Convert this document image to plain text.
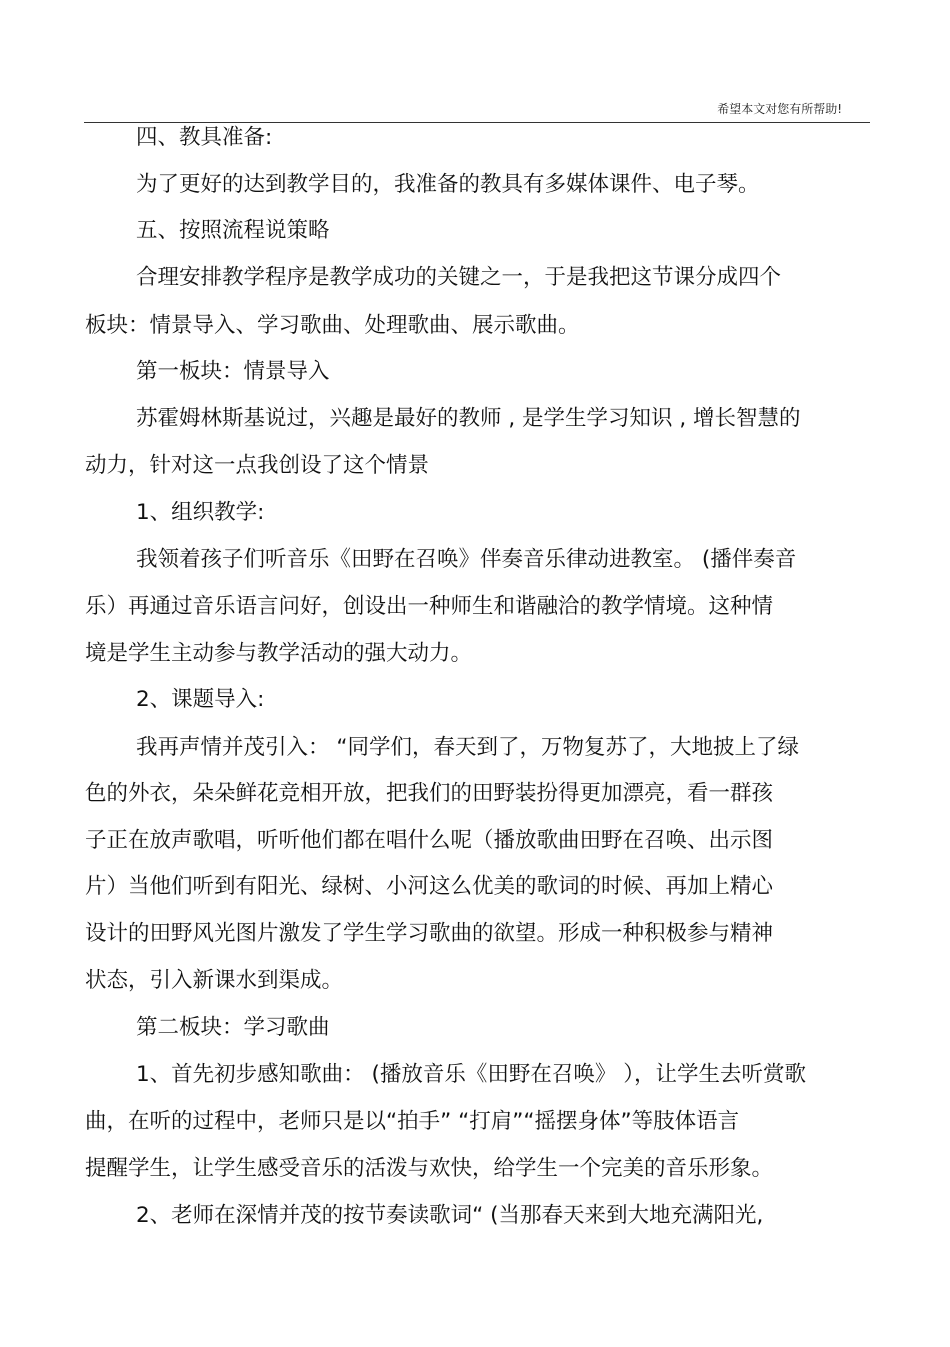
希望本文对您有所帮助!
四、教具准备:
为了更好的达到教学目的，我准备的教具有多媒体课件、电子琴。
五、按照流程说策略
合理安排教学程序是教学成功的关键之一，于是我把这节课分成四个
板块：情景导入、学习歌曲、处理歌曲、展示歌曲。
第一板块：情景导入
苏霍姆林斯基说过，兴趣是最好的教师 , 是学生学习知识 , 增长智慧的
动力，针对这一点我创设了这个情景
1、组织教学:
我领着孩子们听音乐《田野在召唤》伴奏音乐律动进教室。 (播伴奏音
乐）再通过音乐语言问好，创设出一种师生和谐融洽的教学情境。这种情
境是学生主动参与教学活动的强大动力。
2、课题导入:
我再声情并茂引入： “同学们，春天到了，万物复苏了，大地披上了绿
色的外衣，朵朵鲜花竞相开放，把我们的田野装扮得更加漂亮，看一群孩
子正在放声歌唱，听听他们都在唱什么呢（播放歌曲田野在召唤、出示图
片）当他们听到有阳光、绿树、小河这么优美的歌词的时候、再加上精心
设计的田野风光图片激发了学生学习歌曲的欲望。形成一种积极参与精神
状态，引入新课水到渠成。
第二板块：学习歌曲
1、首先初步感知歌曲： (播放音乐《田野在召唤》 ），让学生去听赏歌
曲，在听的过程中，老师只是以“拍手” “打肩”“摇摆身体”等肢体语言
提醒学生，让学生感受音乐的活泼与欢快，给学生一个完美的音乐形象。
2、老师在深情并茂的按节奏读歌词“ (当那春天来到大地充满阳光,
